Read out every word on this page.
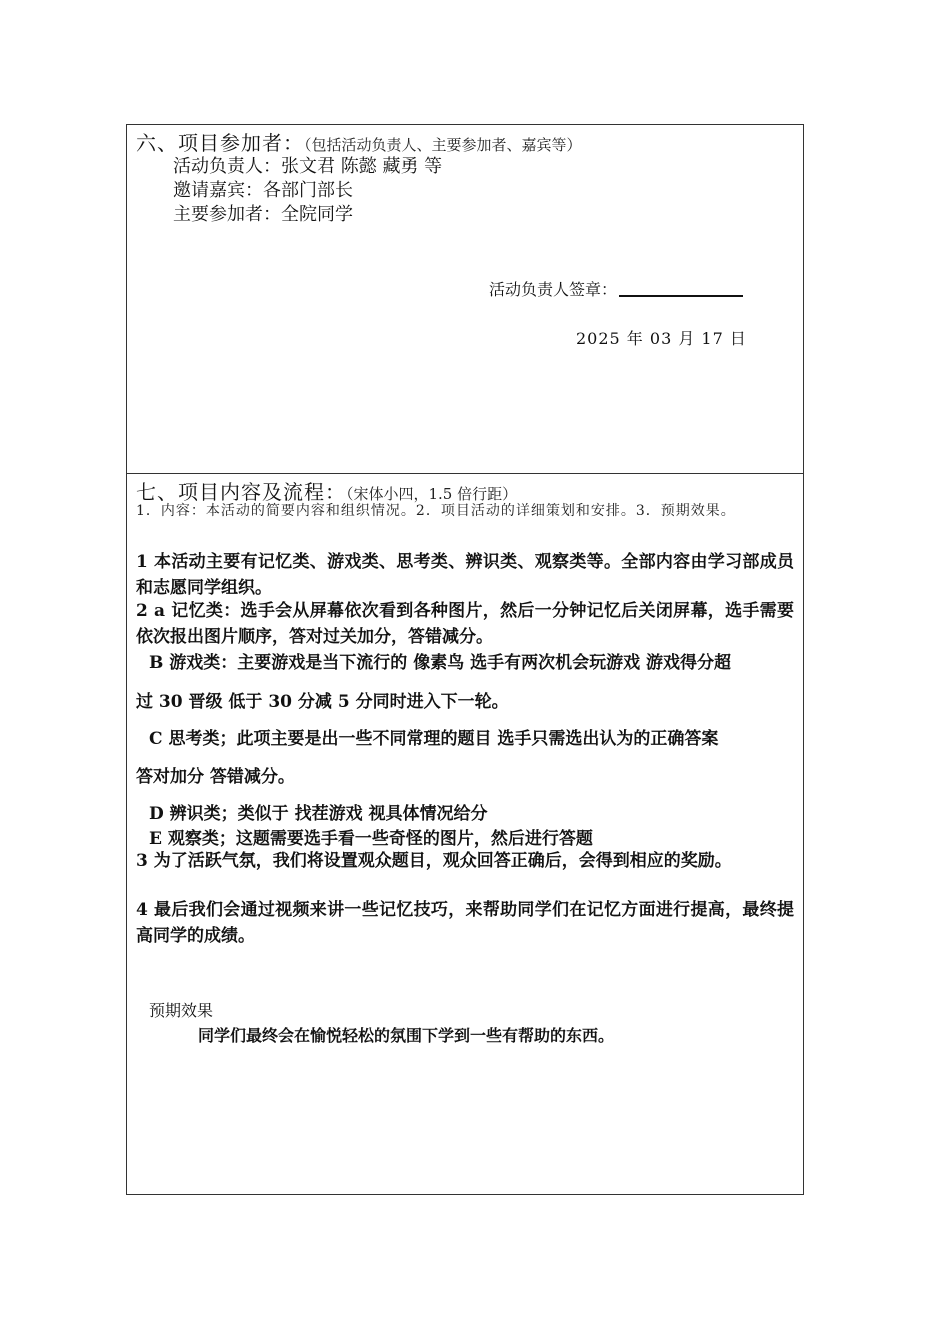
六、项目参加者：（包括活动负责人、主要参加者、嘉宾等）
活动负责人：张文君 陈懿 藏勇 等
邀请嘉宾：各部门部长
主要参加者：全院同学
活动负责人签章：
2025 年 03 月 17 日
七、项目内容及流程：（宋体小四，1.5 倍行距）
1．内容：本活动的简要内容和组织情况。2．项目活动的详细策划和安排。3．预期效果。
1 本活动主要有记忆类、游戏类、思考类、辨识类、观察类等。全部内容由学习部成员和志愿同学组织。
2 a 记忆类：选手会从屏幕依次看到各种图片，然后一分钟记忆后关闭屏幕，选手需要依次报出图片顺序，答对过关加分，答错减分。
B 游戏类：主要游戏是当下流行的 像素鸟 选手有两次机会玩游戏 游戏得分超
过 30 晋级 低于 30 分减 5 分同时进入下一轮。
C 思考类；此项主要是出一些不同常理的题目 选手只需选出认为的正确答案
答对加分 答错减分。
D 辨识类；类似于 找茬游戏 视具体情况给分
E 观察类；这题需要选手看一些奇怪的图片，然后进行答题
3 为了活跃气氛，我们将设置观众题目，观众回答正确后，会得到相应的奖励。
4 最后我们会通过视频来讲一些记忆技巧，来帮助同学们在记忆方面进行提高，最终提高同学的成绩。
预期效果
同学们最终会在愉悦轻松的氛围下学到一些有帮助的东西。
